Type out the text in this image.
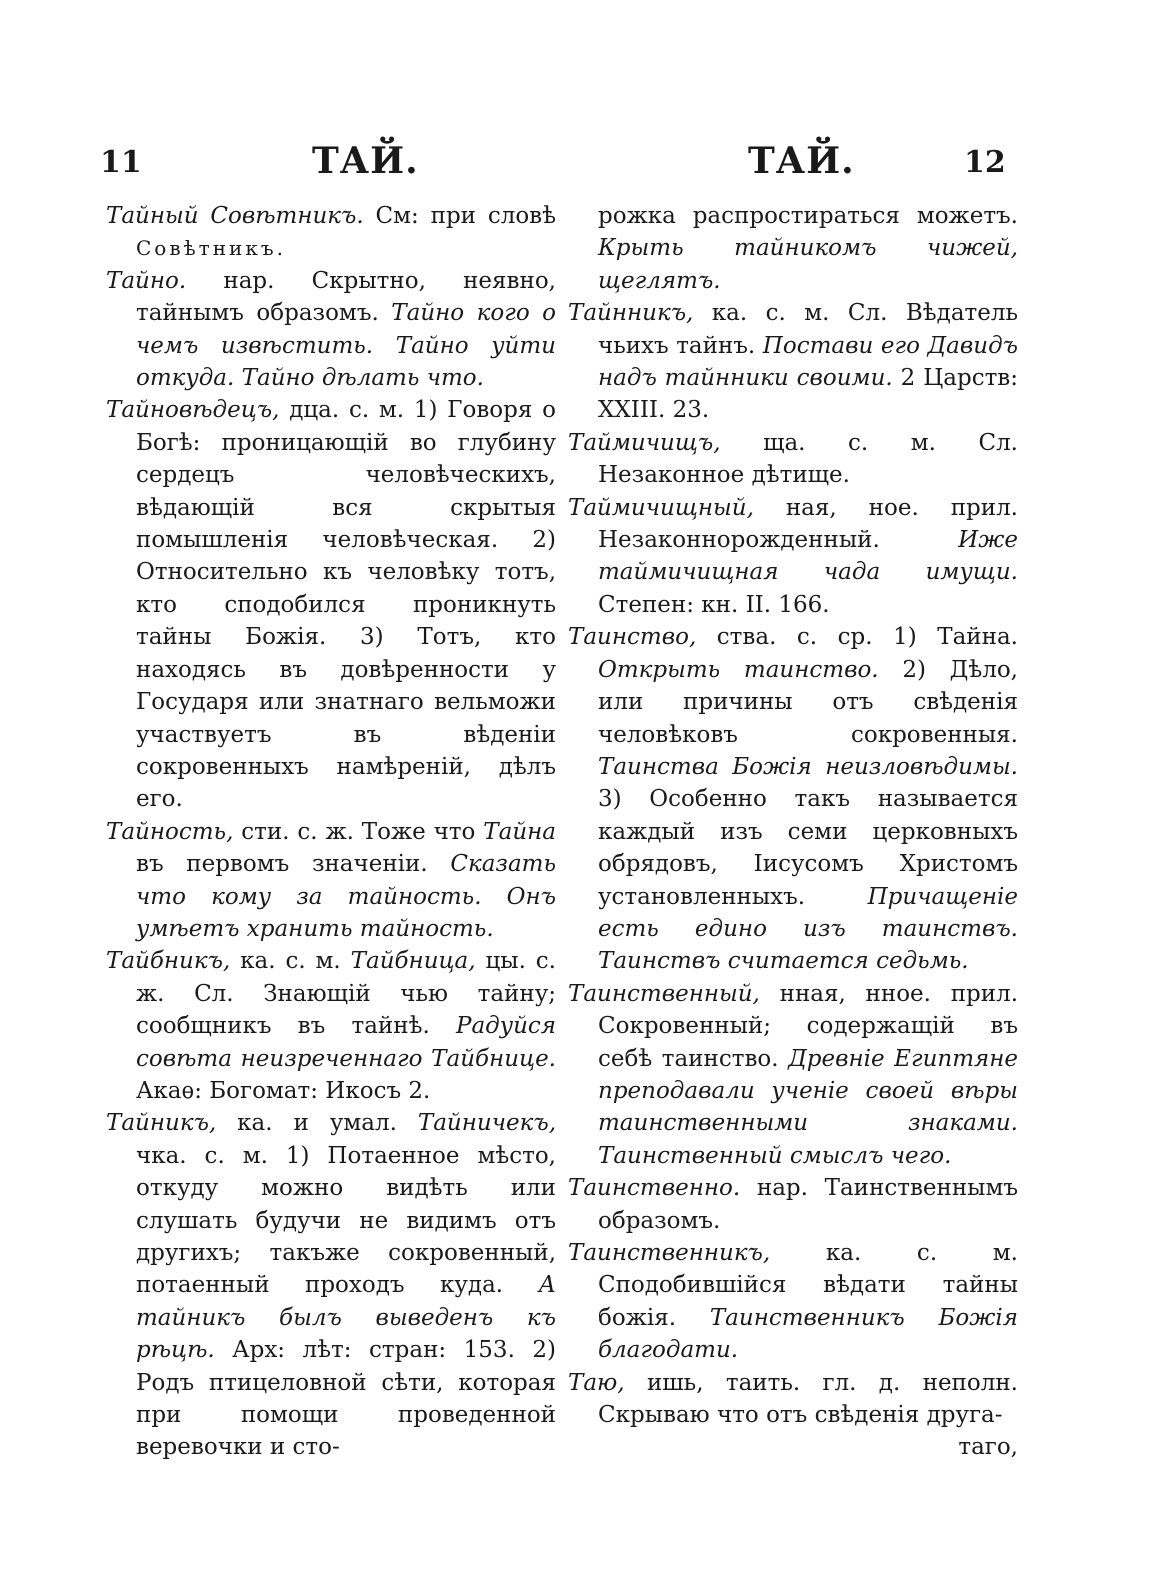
11	ТАЙ.	ТАЙ.	12
Тайный Совѣтникъ. См: при словѣ Совѣтникъ.
Тайно. нар. Скрытно, неявно, тайнымъ образомъ. Тайно кого о чемъ извѣстить. Тайно уйти откуда. Тайно дѣлать что.
Тайновѣдецъ, дца. с. м. 1) Говоря о Богѣ: проницающій во глубину сердецъ человѣческихъ, вѣдающій вся скрытыя помышленія человѣческая. 2) Относительно къ человѣку тотъ, кто сподобился проникнуть тайны Божія. 3) Тотъ, кто находясь въ довѣренности у Государя или знатнаго вельможи участвуетъ въ вѣденіи сокровенныхъ намѣреній, дѣлъ его.
Тайность, сти. с. ж. Тоже что Тайна въ первомъ значеніи. Сказать что кому за тайность. Онъ умѣетъ хранить тайность.
Тайбникъ, ка. с. м. Тайбница, цы. с. ж. Сл. Знающій чью тайну; сообщникъ въ тайнѣ. Радуйся совѣта неизреченнаго Тайбнице. Акаѳ: Богомат: Икосъ 2.
Тайникъ, ка. и умал. Тайничекъ, чка. с. м. 1) Потаенное мѣсто, откуду можно видѣть или слушать будучи не видимъ отъ другихъ; такъже сокровенный, потаенный проходъ куда. А тайникъ былъ выведенъ къ рѣцѣ. Арх: лѣт: стран: 153. 2) Родъ птицеловной сѣти, которая при помощи проведенной веревочки и сто-
рожка распростиратьcя можетъ. Крыть тайникомъ чижей, щеглятъ.
Тайнникъ, ка. с. м. Сл. Вѣдатель чьихъ тайнъ. Постави его Давидъ надъ тайнники своими. 2 Царств: XXIII. 23.
Таймичищъ, ща. с. м. Сл. Незаконное дѣтище.
Таймичищный, ная, ное. прил. Незаконнорожденный. Иже таймичищная чада имущи. Степен: кн. II. 166.
Таинство, ства. с. ср. 1) Тайна. Открыть таинство. 2) Дѣло, или причины отъ свѣденія человѣковъ сокровенныя. Таинства Божія неизловѣдимы. 3) Особенно такъ называется каждый изъ семи церковныхъ обрядовъ, Іисусомъ Христомъ установленныхъ. Причащеніе есть едино изъ таинствъ. Таинствъ считается седьмь.
Таинственный, нная, нное. прил. Сокровенный; содержащій въ себѣ таинство. Древніе Египтяне преподавали ученіе своей вѣры таинственными знаками. Таинственный смыслъ чего.
Таинственно. нар. Таинственнымъ образомъ.
Таинственникъ, ка. с. м. Сподобившійся вѣдати тайны божія. Таинственникъ Божія благодати.
Таю, ишь, таить. гл. д. неполн. Скрываю что отъ свѣденія друга-
таго,
